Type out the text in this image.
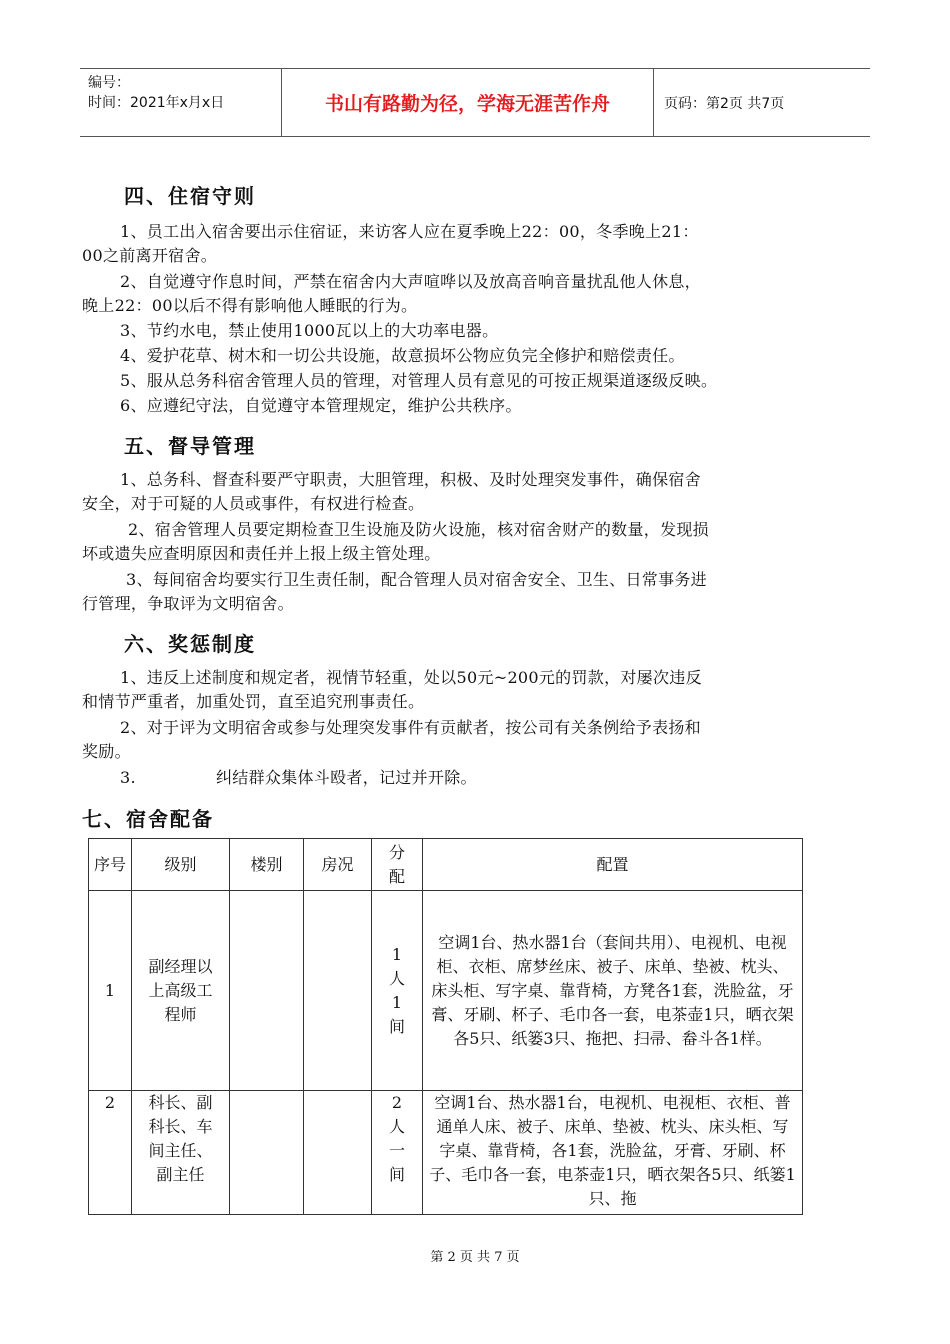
编号：
时间：2021年x月x日	书山有路勤为径，学海无涯苦作舟	页码：第2页 共7页
四、住宿守则
1、员工出入宿舍要出示住宿证，来访客人应在夏季晚上22：00，冬季晚上21：
00之前离开宿舍。
2、自觉遵守作息时间，严禁在宿舍内大声喧哗以及放高音响音量扰乱他人休息，
晚上22：00以后不得有影响他人睡眠的行为。
3、节约水电，禁止使用1000瓦以上的大功率电器。
4、爱护花草、树木和一切公共设施，故意损坏公物应负完全修护和赔偿责任。
5、服从总务科宿舍管理人员的管理，对管理人员有意见的可按正规渠道逐级反映。
6、应遵纪守法，自觉遵守本管理规定，维护公共秩序。
五、督导管理
1、总务科、督查科要严守职责，大胆管理，积极、及时处理突发事件，确保宿舍
安全，对于可疑的人员或事件，有权进行检查。
2、宿舍管理人员要定期检查卫生设施及防火设施，核对宿舍财产的数量，发现损
坏或遗失应查明原因和责任并上报上级主管处理。
3、每间宿舍均要实行卫生责任制，配合管理人员对宿舍安全、卫生、日常事务进
行管理，争取评为文明宿舍。
六、奖惩制度
1、违反上述制度和规定者，视情节轻重，处以50元~200元的罚款，对屡次违反
和情节严重者，加重处罚，直至追究刑事责任。
2、对于评为文明宿舍或参与处理突发事件有贡献者，按公司有关条例给予表扬和
奖励。
3.	纠结群众集体斗殴者，记过并开除。
七、宿舍配备
序号	级别	楼别	房况	分配	配置
1	副经理以上高级工程师			1人1间	空调1台、热水器1台（套间共用）、电视机、电视柜、衣柜、席梦丝床、被子、床单、垫被、枕头、床头柜、写字桌、靠背椅，方凳各1套，洗脸盆，牙膏、牙刷、杯子、毛巾各一套，电茶壶1只，晒衣架各5只、纸篓3只、拖把、扫帚、畚斗各1样。
2	科长、副科长、车间主任、副主任			2人一间	空调1台、热水器1台，电视机、电视柜、衣柜、普通单人床、被子、床单、垫被、枕头、床头柜、写字桌、靠背椅，各1套，洗脸盆，牙膏、牙刷、杯子、毛巾各一套，电茶壶1只，晒衣架各5只、纸篓1只、拖
第 2 页 共 7 页
